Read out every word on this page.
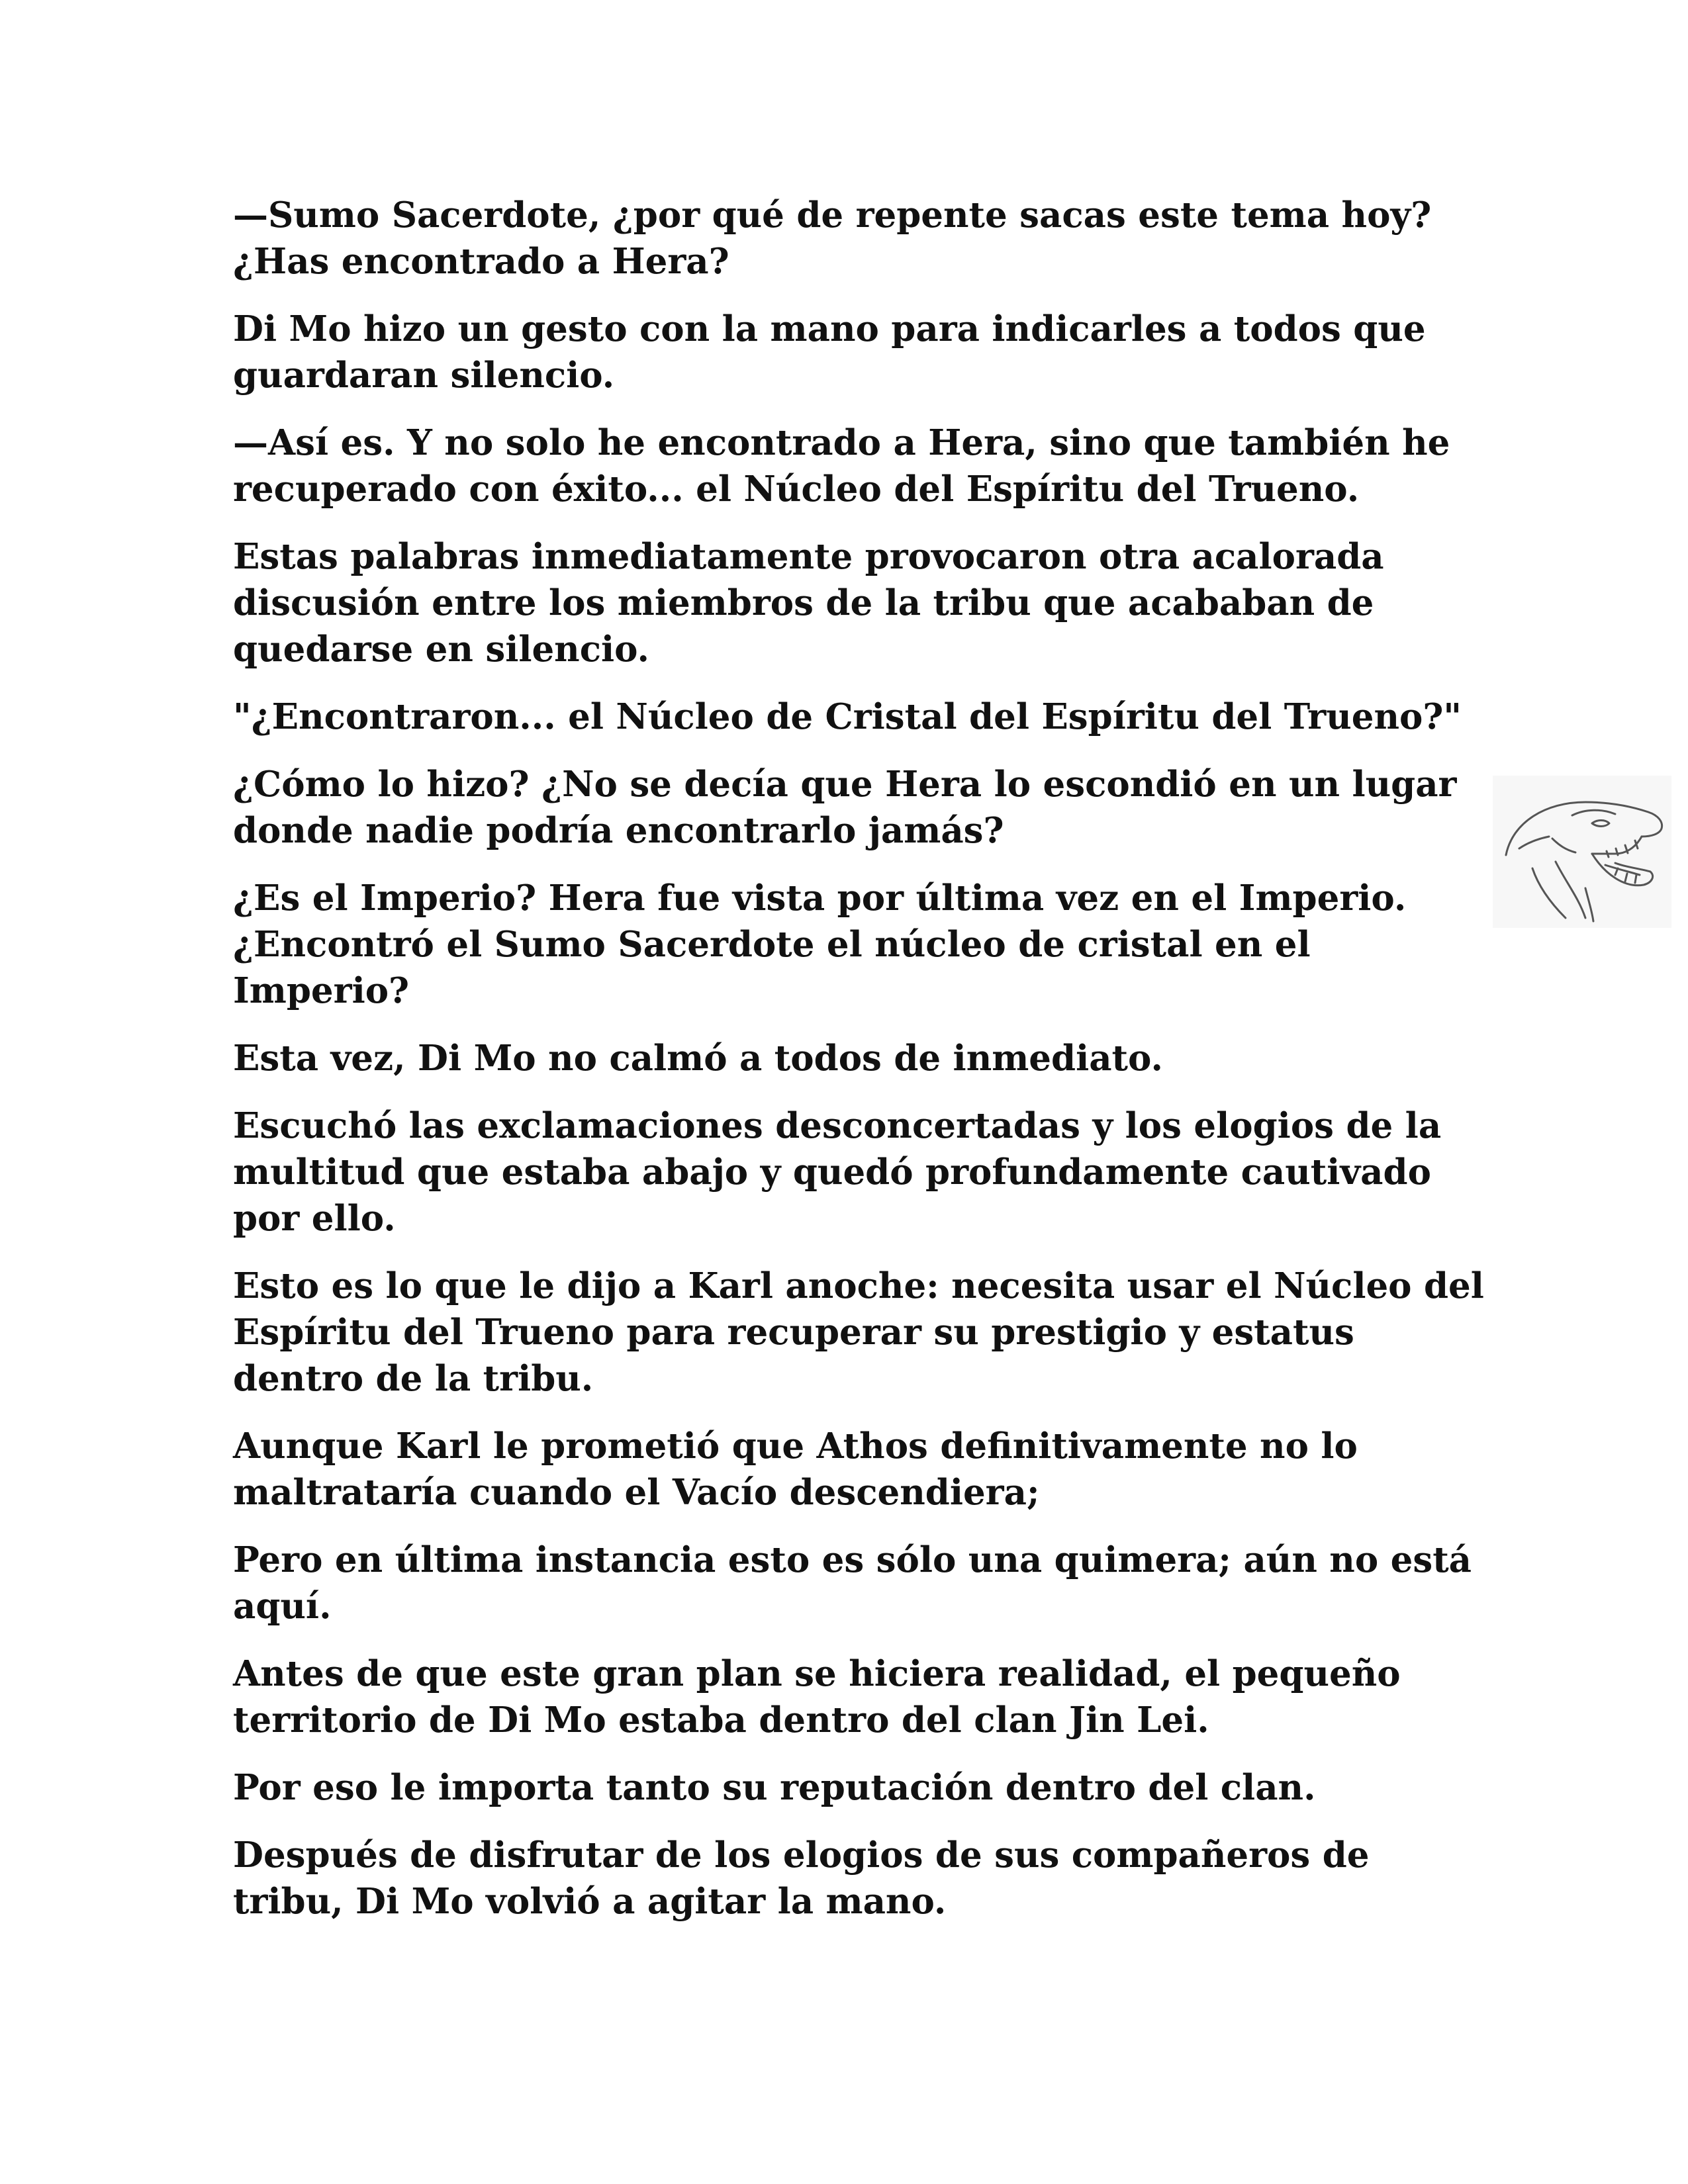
—Sumo Sacerdote, ¿por qué de repente sacas este tema hoy? ¿Has encontrado a Hera?

Di Mo hizo un gesto con la mano para indicarles a todos que guardaran silencio.

—Así es. Y no solo he encontrado a Hera, sino que también he recuperado con éxito... el Núcleo del Espíritu del Trueno.

Estas palabras inmediatamente provocaron otra acalorada discusión entre los miembros de la tribu que acababan de quedarse en silencio.

"¿Encontraron... el Núcleo de Cristal del Espíritu del Trueno?"

¿Cómo lo hizo? ¿No se decía que Hera lo escondió en un lugar donde nadie podría encontrarlo jamás?

¿Es el Imperio? Hera fue vista por última vez en el Imperio. ¿Encontró el Sumo Sacerdote el núcleo de cristal en el Imperio?

Esta vez, Di Mo no calmó a todos de inmediato.

Escuchó las exclamaciones desconcertadas y los elogios de la multitud que estaba abajo y quedó profundamente cautivado por ello.

Esto es lo que le dijo a Karl anoche: necesita usar el Núcleo del Espíritu del Trueno para recuperar su prestigio y estatus dentro de la tribu.

Aunque Karl le prometió que Athos definitivamente no lo maltrataría cuando el Vacío descendiera;

Pero en última instancia esto es sólo una quimera; aún no está aquí.

Antes de que este gran plan se hiciera realidad, el pequeño territorio de Di Mo estaba dentro del clan Jin Lei.

Por eso le importa tanto su reputación dentro del clan.

Después de disfrutar de los elogios de sus compañeros de tribu, Di Mo volvió a agitar la mano.
